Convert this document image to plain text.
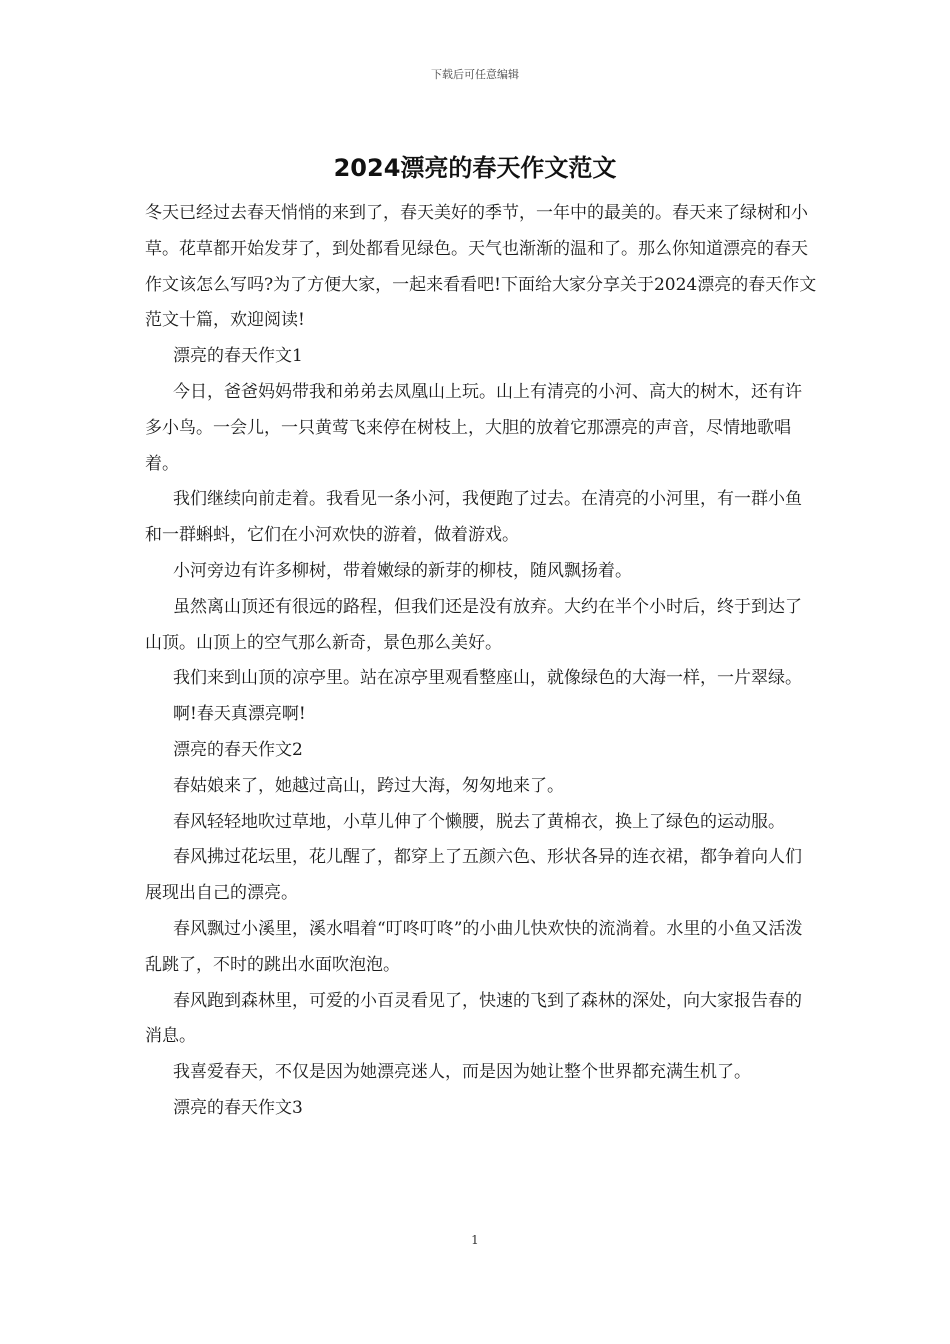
下载后可任意编辑
2024漂亮的春天作文范文

冬天已经过去春天悄悄的来到了，春天美好的季节，一年中的最美的。春天来了绿树和小草。花草都开始发芽了，到处都看见绿色。天气也渐渐的温和了。那么你知道漂亮的春天作文该怎么写吗?为了方便大家，一起来看看吧!下面给大家分享关于2024漂亮的春天作文范文十篇，欢迎阅读!

漂亮的春天作文1

今日，爸爸妈妈带我和弟弟去凤凰山上玩。山上有清亮的小河、高大的树木，还有许多小鸟。一会儿，一只黄莺飞来停在树枝上，大胆的放着它那漂亮的声音，尽情地歌唱着。

我们继续向前走着。我看见一条小河，我便跑了过去。在清亮的小河里，有一群小鱼和一群蝌蚪，它们在小河欢快的游着，做着游戏。

小河旁边有许多柳树，带着嫩绿的新芽的柳枝，随风飘扬着。

虽然离山顶还有很远的路程，但我们还是没有放弃。大约在半个小时后，终于到达了山顶。山顶上的空气那么新奇，景色那么美好。

我们来到山顶的凉亭里。站在凉亭里观看整座山，就像绿色的大海一样，一片翠绿。

啊!春天真漂亮啊!

漂亮的春天作文2

春姑娘来了，她越过高山，跨过大海，匆匆地来了。

春风轻轻地吹过草地，小草儿伸了个懒腰，脱去了黄棉衣，换上了绿色的运动服。

春风拂过花坛里，花儿醒了，都穿上了五颜六色、形状各异的连衣裙，都争着向人们展现出自己的漂亮。

春风飘过小溪里，溪水唱着“叮咚叮咚”的小曲儿快欢快的流淌着。水里的小鱼又活泼乱跳了，不时的跳出水面吹泡泡。

春风跑到森林里，可爱的小百灵看见了，快速的飞到了森林的深处，向大家报告春的消息。

我喜爱春天，不仅是因为她漂亮迷人，而是因为她让整个世界都充满生机了。

漂亮的春天作文3

1
